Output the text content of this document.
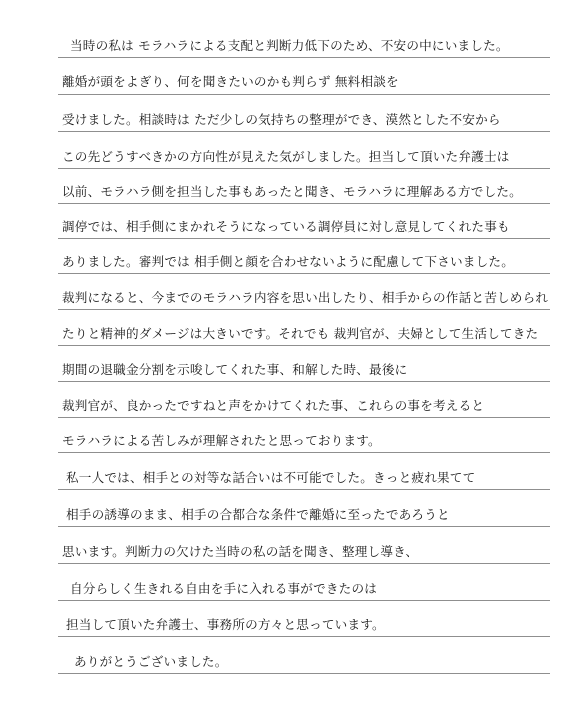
当時の私は モラハラによる支配と判断力低下のため、不安の中にいました。
離婚が頭をよぎり、何を聞きたいのかも判らず 無料相談を
受けました。相談時は ただ少しの気持ちの整理ができ、漠然とした不安から
この先どうすべきかの方向性が見えた気がしました。担当して頂いた弁護士は
以前、モラハラ側を担当した事もあったと聞き、モラハラに理解ある方でした。
調停では、相手側にまかれそうになっている調停員に対し意見してくれた事も
ありました。審判では 相手側と顔を合わせないように配慮して下さいました。
裁判になると、今までのモラハラ内容を思い出したり、相手からの作話と苦しめられ
たりと精神的ダメージは大きいです。それでも 裁判官が、夫婦として生活してきた
期間の退職金分割を示唆してくれた事、和解した時、最後に
裁判官が、良かったですねと声をかけてくれた事、これらの事を考えると
モラハラによる苦しみが理解されたと思っております。
私一人では、相手との対等な話合いは不可能でした。きっと疲れ果てて
相手の誘導のまま、相手の合都合な条件で離婚に至ったであろうと
思います。判断力の欠けた当時の私の話を聞き、整理し導き、
自分らしく生きれる自由を手に入れる事ができたのは
担当して頂いた弁護士、事務所の方々と思っています。
ありがとうございました。
